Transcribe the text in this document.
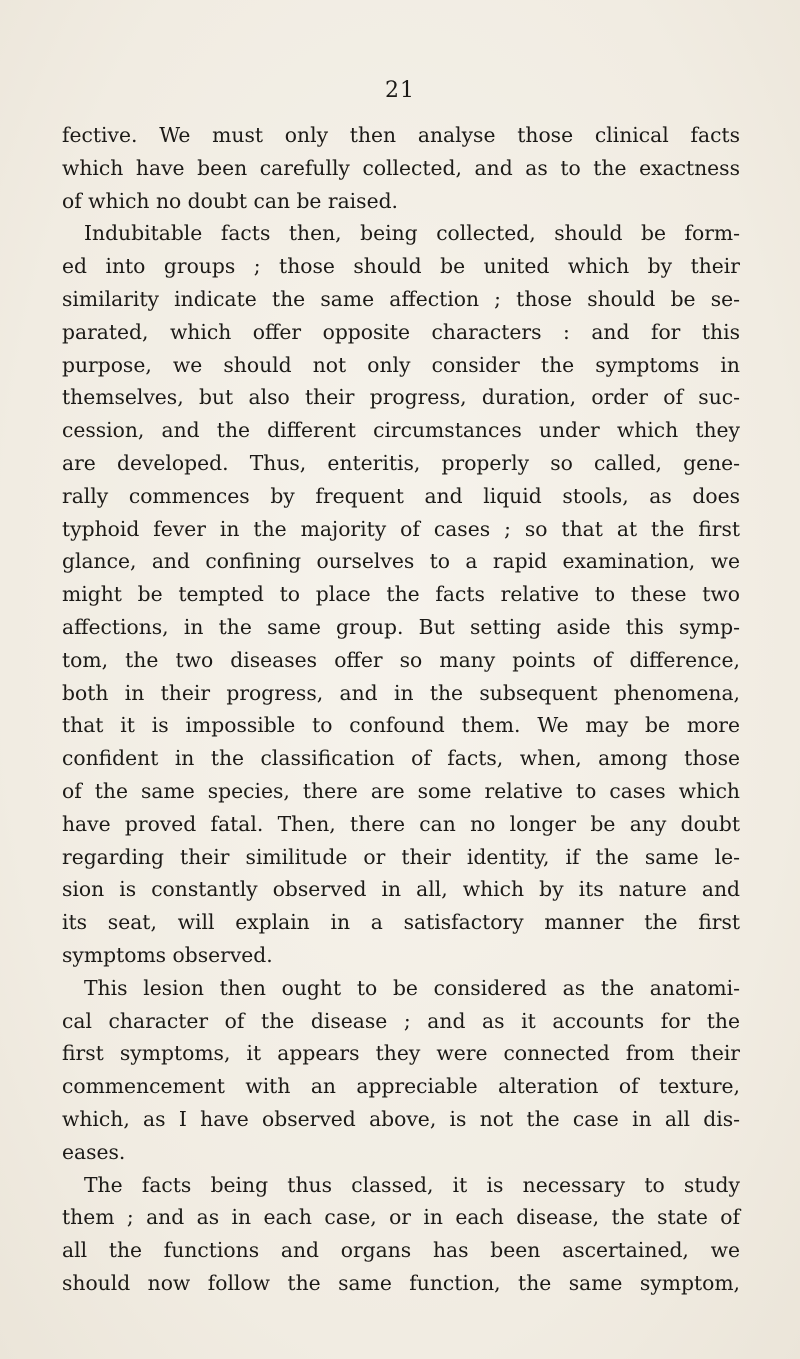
21
fective. We must only then analyse those clinical facts
which have been carefully collected, and as to the exactness
of which no doubt can be raised.
Indubitable facts then, being collected, should be form-
ed into groups ; those should be united which by their
similarity indicate the same affection ; those should be se-
parated, which offer opposite characters : and for this
purpose, we should not only consider the symptoms in
themselves, but also their progress, duration, order of suc-
cession, and the different circumstances under which they
are developed. Thus, enteritis, properly so called, gene-
rally commences by frequent and liquid stools, as does
typhoid fever in the majority of cases ; so that at the first
glance, and confining ourselves to a rapid examination, we
might be tempted to place the facts relative to these two
affections, in the same group. But setting aside this symp-
tom, the two diseases offer so many points of difference,
both in their progress, and in the subsequent phenomena,
that it is impossible to confound them. We may be more
confident in the classification of facts, when, among those
of the same species, there are some relative to cases which
have proved fatal. Then, there can no longer be any doubt
regarding their similitude or their identity, if the same le-
sion is constantly observed in all, which by its nature and
its seat, will explain in a satisfactory manner the first
symptoms observed.
This lesion then ought to be considered as the anatomi-
cal character of the disease ; and as it accounts for the
first symptoms, it appears they were connected from their
commencement with an appreciable alteration of texture,
which, as I have observed above, is not the case in all dis-
eases.
The facts being thus classed, it is necessary to study
them ; and as in each case, or in each disease, the state of
all the functions and organs has been ascertained, we
should now follow the same function, the same symptom,
